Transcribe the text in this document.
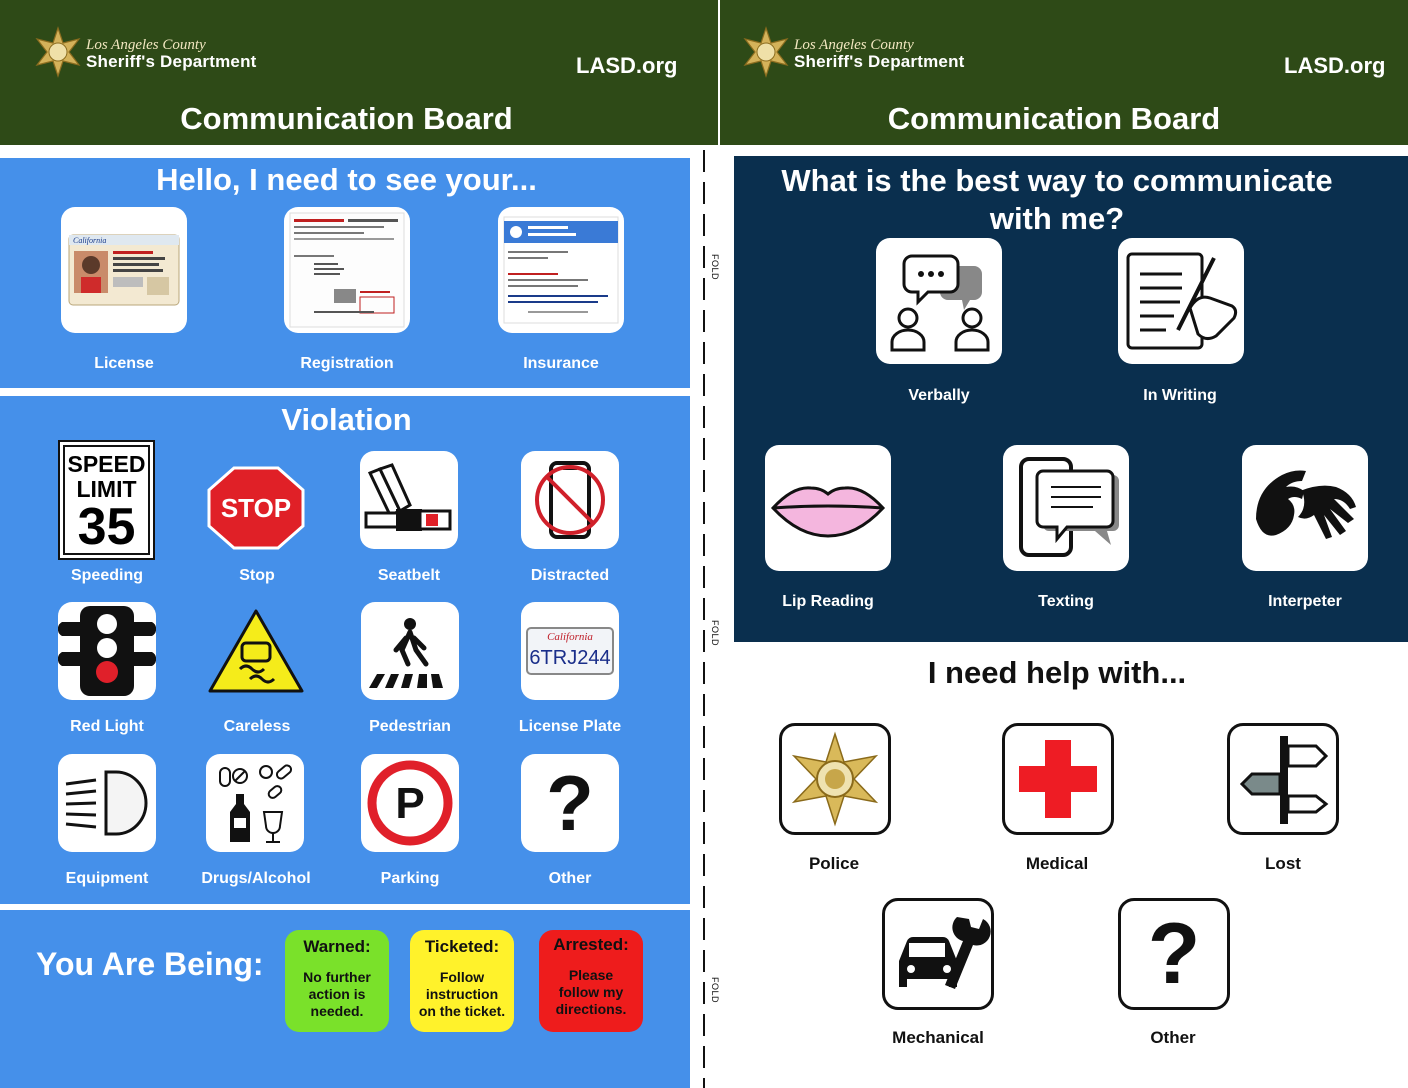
Los Angeles County
Sheriff's Department	LASD.org
Communication Board
Los Angeles County
Sheriff's Department	LASD.org
Communication Board
FOLD
FOLD
FOLD
Hello, I need to see your...
California
License	Registration	Insurance
Violation
SPEED
LIMIT
35
Speeding
STOP
Stop	Seatbelt	Distracted
Red Light	Careless	Pedestrian
California
6TRJ244
License Plate
Equipment	Drugs/Alcohol
P
Parking
?
Other
You Are Being:	Warned:
No further action is needed.
Ticketed:
Follow instruction on the ticket.
Arrested:
Please follow my directions.
What is the best way to communicate with me?
Verbally	In Writing
Lip Reading	Texting	Interpeter
I need help with...
Police	Medical	Lost
Mechanical
?
Other
